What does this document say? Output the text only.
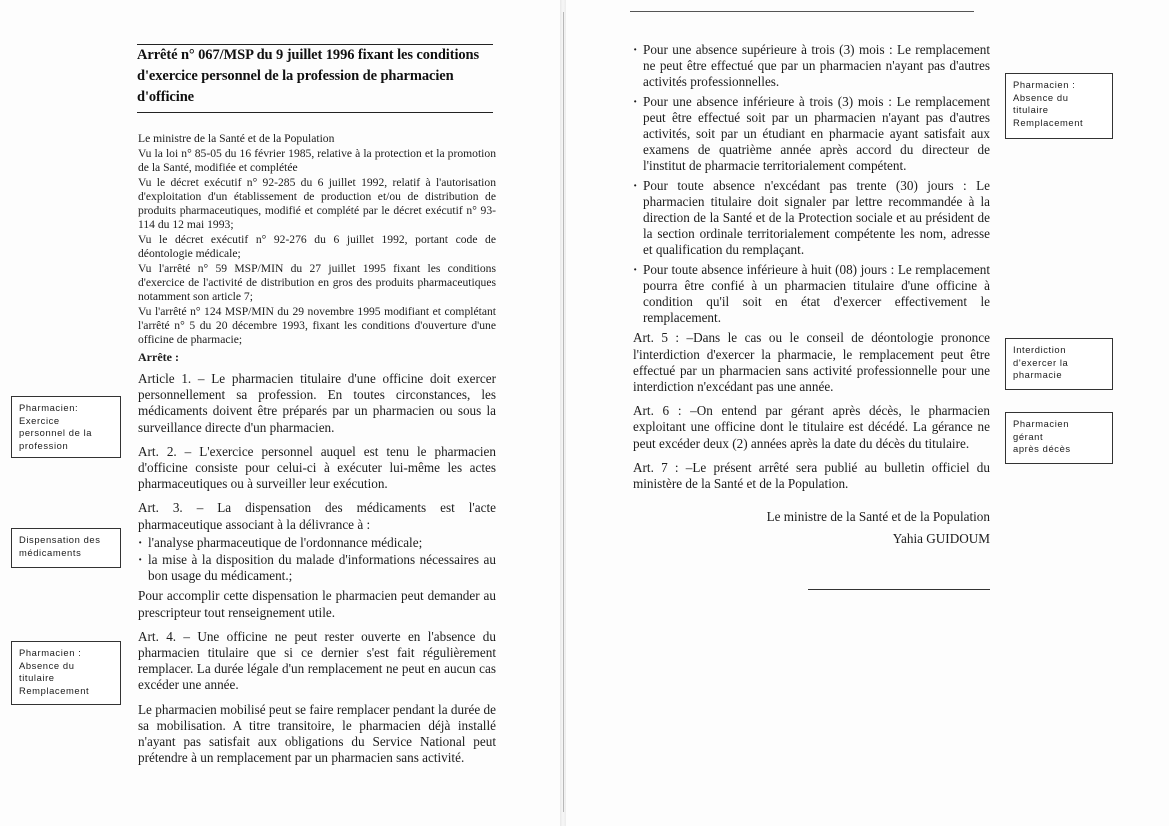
Arrêté n° 067/MSP du 9 juillet 1996 fixant les conditions d'exercice personnel de la profession de pharmacien d'officine

Le ministre de la Santé et de la Population

Vu la loi n° 85-05 du 16 février 1985, relative à la protection et la promotion de la Santé, modifiée et complétée

Vu le décret exécutif n° 92-285 du 6 juillet 1992, relatif à l'autorisation d'exploitation d'un établissement de production et/ou de distribution de produits pharmaceutiques, modifié et complété par le décret exécutif n° 93-114 du 12 mai 1993;

Vu le décret exécutif n° 92-276 du 6 juillet 1992, portant code de déontologie médicale;

Vu l'arrêté n° 59 MSP/MIN du 27 juillet 1995 fixant les conditions d'exercice de l'activité de distribution en gros des produits pharmaceutiques notamment son article 7;

Vu l'arrêté n° 124 MSP/MIN du 29 novembre 1995 modifiant et complétant l'arrêté n° 5 du 20 décembre 1993, fixant les conditions d'ouverture d'une officine de pharmacie;

Arrête :

Article 1. – Le pharmacien titulaire d'une officine doit exercer personnellement sa profession. En toutes circonstances, les médicaments doivent être préparés par un pharmacien ou sous la surveillance directe d'un pharmacien.

Art. 2. – L'exercice personnel auquel est tenu le pharmacien d'officine consiste pour celui-ci à exécuter lui-même les actes pharmaceutiques ou à surveiller leur exécution.

Art. 3. – La dispensation des médicaments est l'acte pharmaceutique associant à la délivrance à :

· l'analyse pharmaceutique de l'ordonnance médicale;
· la mise à la disposition du malade d'informations nécessaires au bon usage du médicament.;

Pour accomplir cette dispensation le pharmacien peut demander au prescripteur tout renseignement utile.

Art. 4. – Une officine ne peut rester ouverte en l'absence du pharmacien titulaire que si ce dernier s'est fait régulièrement remplacer. La durée légale d'un remplacement ne peut en aucun cas excéder une année.

Le pharmacien mobilisé peut se faire remplacer pendant la durée de sa mobilisation. A titre transitoire, le pharmacien déjà installé n'ayant pas satisfait aux obligations du Service National peut prétendre à un remplacement par un pharmacien sans activité.

Pharmacien:
Exercice
personnel de la
profession
Dispensation des
médicaments
Pharmacien :
Absence du
titulaire
Remplacement
· Pour une absence supérieure à trois (3) mois : Le remplacement ne peut être effectué que par un pharmacien n'ayant pas d'autres activités professionnelles.
· Pour une absence inférieure à trois (3) mois : Le remplacement peut être effectué soit par un pharmacien n'ayant pas d'autres activités, soit par un étudiant en pharmacie ayant satisfait aux examens de quatrième année après accord du directeur de l'institut de pharmacie territorialement compétent.
· Pour toute absence n'excédant pas trente (30) jours : Le pharmacien titulaire doit signaler par lettre recommandée à la direction de la Santé et de la Protection sociale et au président de la section ordinale territorialement compétente les nom, adresse et qualification du remplaçant.
· Pour toute absence inférieure à huit (08) jours : Le remplacement pourra être confié à un pharmacien titulaire d'une officine à condition qu'il soit en état d'exercer effectivement le remplacement.

Art. 5 : –Dans le cas ou le conseil de déontologie prononce l'interdiction d'exercer la pharmacie, le remplacement peut être effectué par un pharmacien sans activité professionnelle pour une interdiction n'excédant pas une année.

Art. 6 : –On entend par gérant après décès, le pharmacien exploitant une officine dont le titulaire est décédé. La gérance ne peut excéder deux (2) années après la date du décès du titulaire.

Art. 7 : –Le présent arrêté sera publié au bulletin officiel du ministère de la Santé et de la Population.

Le ministre de la Santé et de la Population
Yahia GUIDOUM
Pharmacien :
Absence du
titulaire
Remplacement
Interdiction
d'exercer la
pharmacie
Pharmacien
gérant
après décès
